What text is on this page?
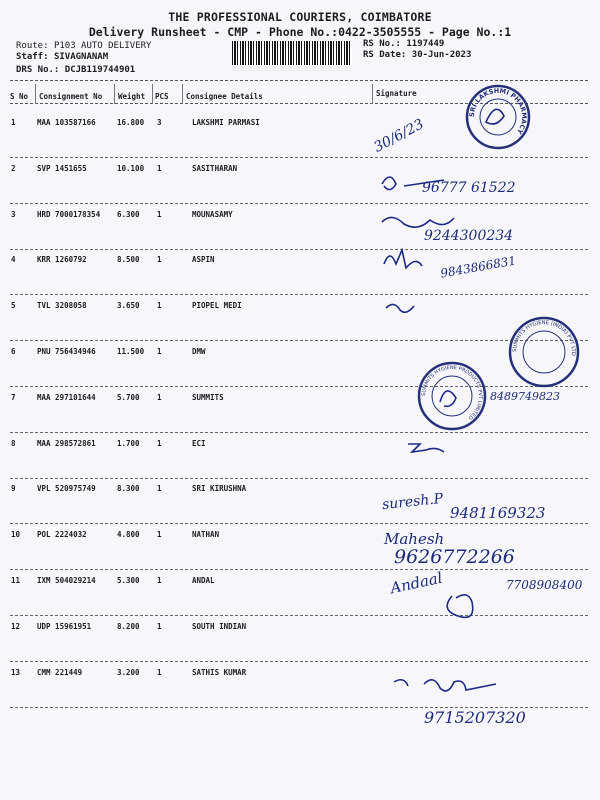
THE PROFESSIONAL COURIERS, COIMBATORE
Delivery Runsheet - CMP - Phone No.:0422-3505555 - Page No.:1
Route: P103 AUTO DELIVERY
Staff: SIVAGNANAM
DRS No.: DCJB119744901
RS No.: 1197449
RS Date: 30-Jun-2023
S No Consignment No Weight PCS Consignee Details	Signature
1	MAA 103587166	16.800 3	LAKSHMI PARMASI
2	SVP 1451655	10.100 1	SASITHARAN
3	HRD 7000178354 6.300 1	MOUNASAMY
4	KRR 1260792	8.500 1	ASPIN
5	TVL 3208058	3.650 1	PIOPEL MEDI
6	PNU 756434946	11.500 1	DMW
7	MAA 297101644	5.700 1	SUMMITS
8	MAA 298572861	1.700 1	ECI
9	VPL 520975749	8.300 1	SRI KIRUSHNA
10 POL 2224032	4.800 1	NATHAN
11 IXM 504029214	5.300 1	ANDAL
12 UDP 15961951	8.200 1	SOUTH INDIAN
13 CMM 221449	3.200 1	SATHIS KUMAR
30/6/23
96777 61522
9244300234
9843866831
8489749823
suresh.P 9481169323
Mahesh
9626772266
Andaal	7708908400
9715207320
SRI LAKSHMI PHARMACY
SUMMITS HYGIENE (INDIA) PVT LTD
SUMMITS HYGIENE PRODUCTS PVT LIMITED
